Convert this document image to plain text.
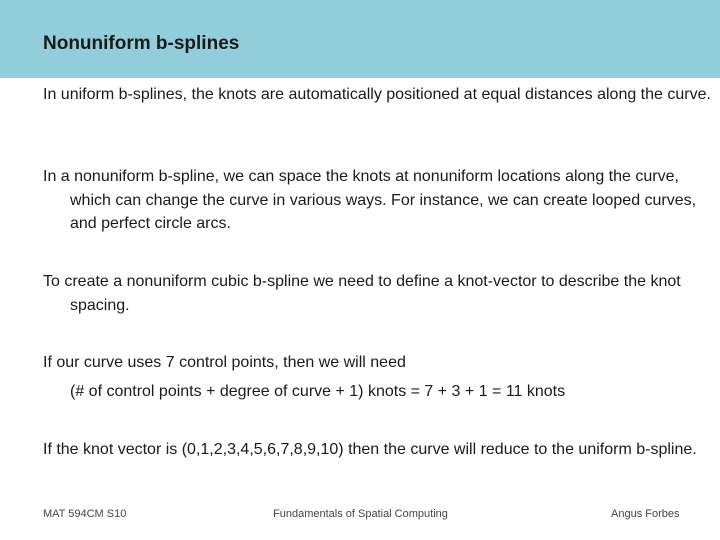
Nonuniform b-splines

In uniform b-splines, the knots are automatically positioned at equal distances along the curve.

In a nonuniform b-spline, we can space the knots at nonuniform locations along the curve, which can change the curve in various ways. For instance, we can create looped curves, and perfect circle arcs.

To create a nonuniform cubic b-spline we need to define a knot-vector to describe the knot spacing.

If our curve uses 7 control points, then we will need

(# of control points + degree of curve + 1) knots = 7 + 3 + 1 = 11 knots

If the knot vector is (0,1,2,3,4,5,6,7,8,9,10) then the curve will reduce to the uniform b-spline.

MAT 594CM S10	Fundamentals of Spatial Computing	Angus Forbes
